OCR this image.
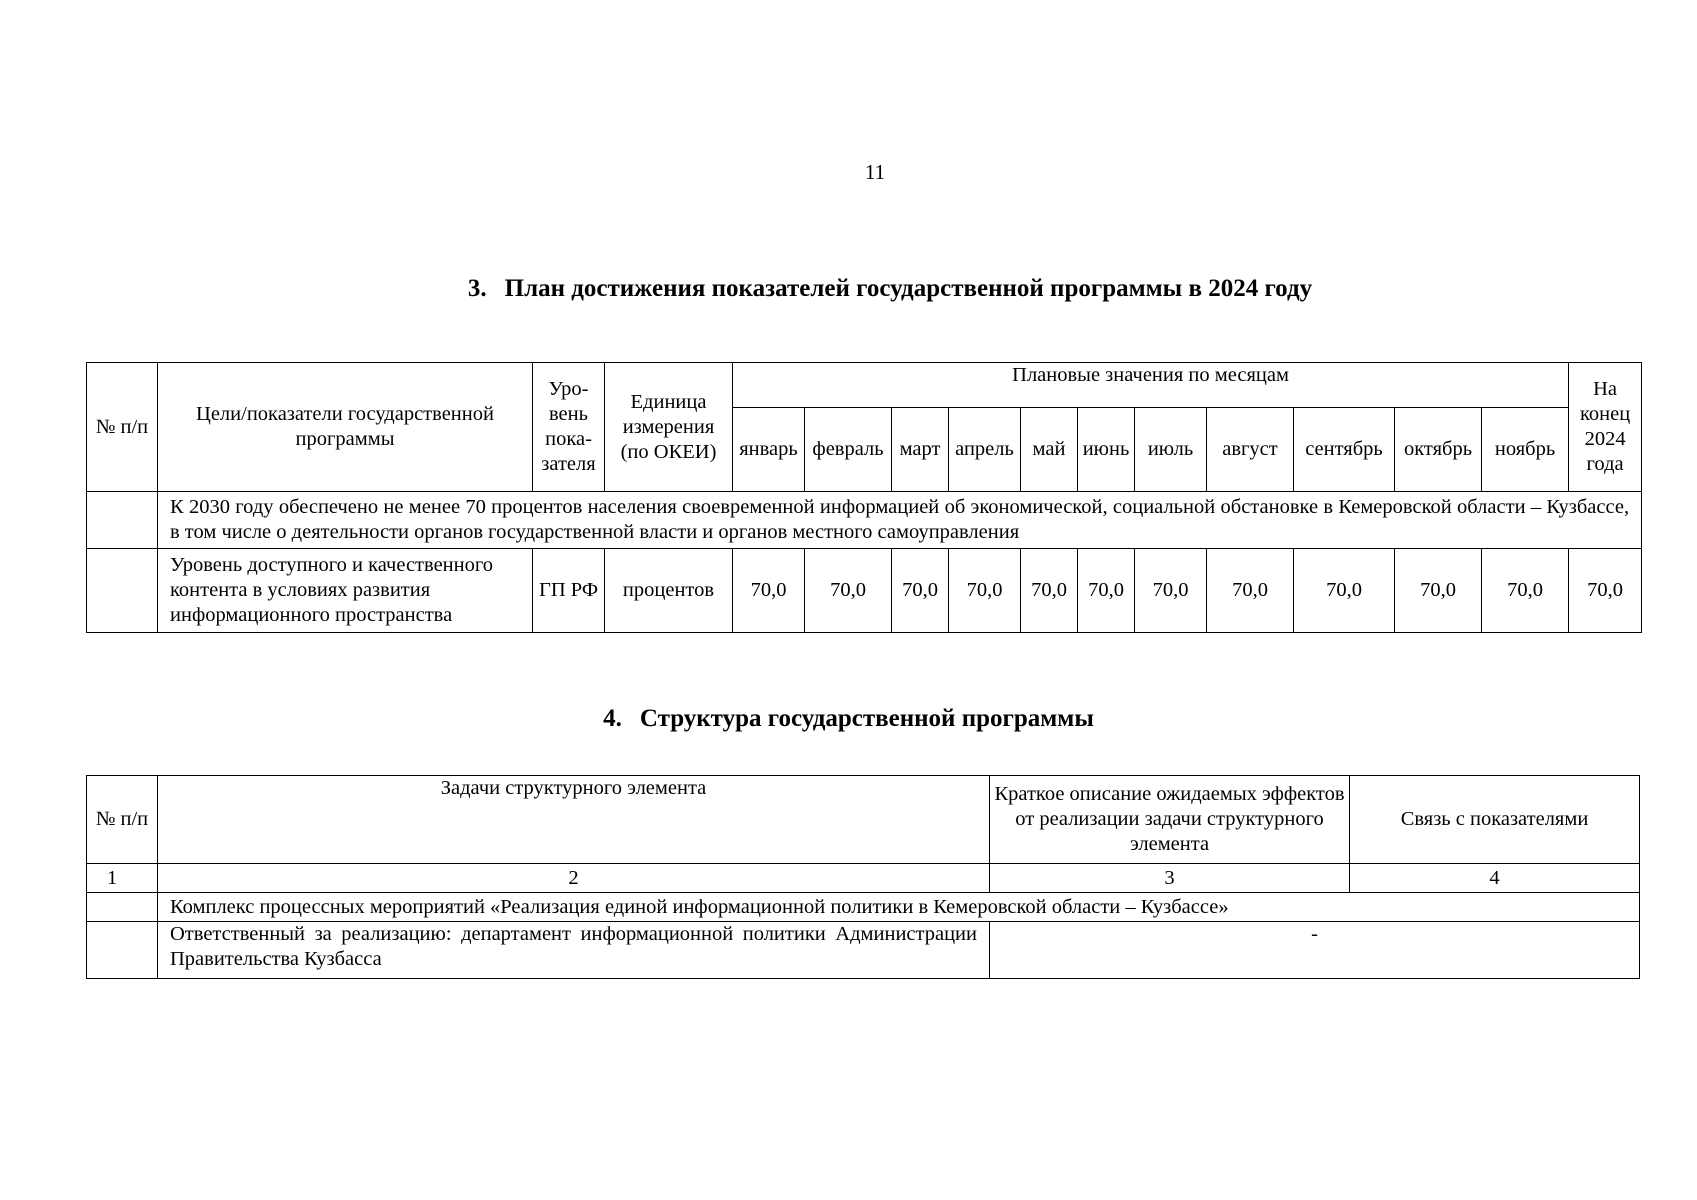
11
3. План достижения показателей государственной программы в 2024 году
№ п/п	Цели/показатели государственной программы	Уро-вень пока-зателя	Единица измерения (по ОКЕИ)	Плановые значения по месяцам											На конец 2024 года
				январь	февраль	март	апрель	май	июнь	июль	август	сентябрь	октябрь	ноябрь	
	К 2030 году обеспечено не менее 70 процентов населения своевременной информацией об экономической, социальной обстановке в Кемеровской области – Кузбассе, в том числе о деятельности органов государственной власти и органов местного самоуправления														
	Уровень доступного и качественного контента в условиях развития информационного пространства	ГП РФ	процентов	70,0	70,0	70,0	70,0	70,0	70,0	70,0	70,0	70,0	70,0	70,0	70,0
4. Структура государственной программы
№ п/п	Задачи структурного элемента	Краткое описание ожидаемых эффектов от реализации задачи структурного элемента	Связь с показателями
1	2	3	4
	Комплекс процессных мероприятий «Реализация единой информационной политики в Кемеровской области – Кузбассе»		
	Ответственный за реализацию: департамент информационной политики Администрации Правительства Кузбасса	-	
